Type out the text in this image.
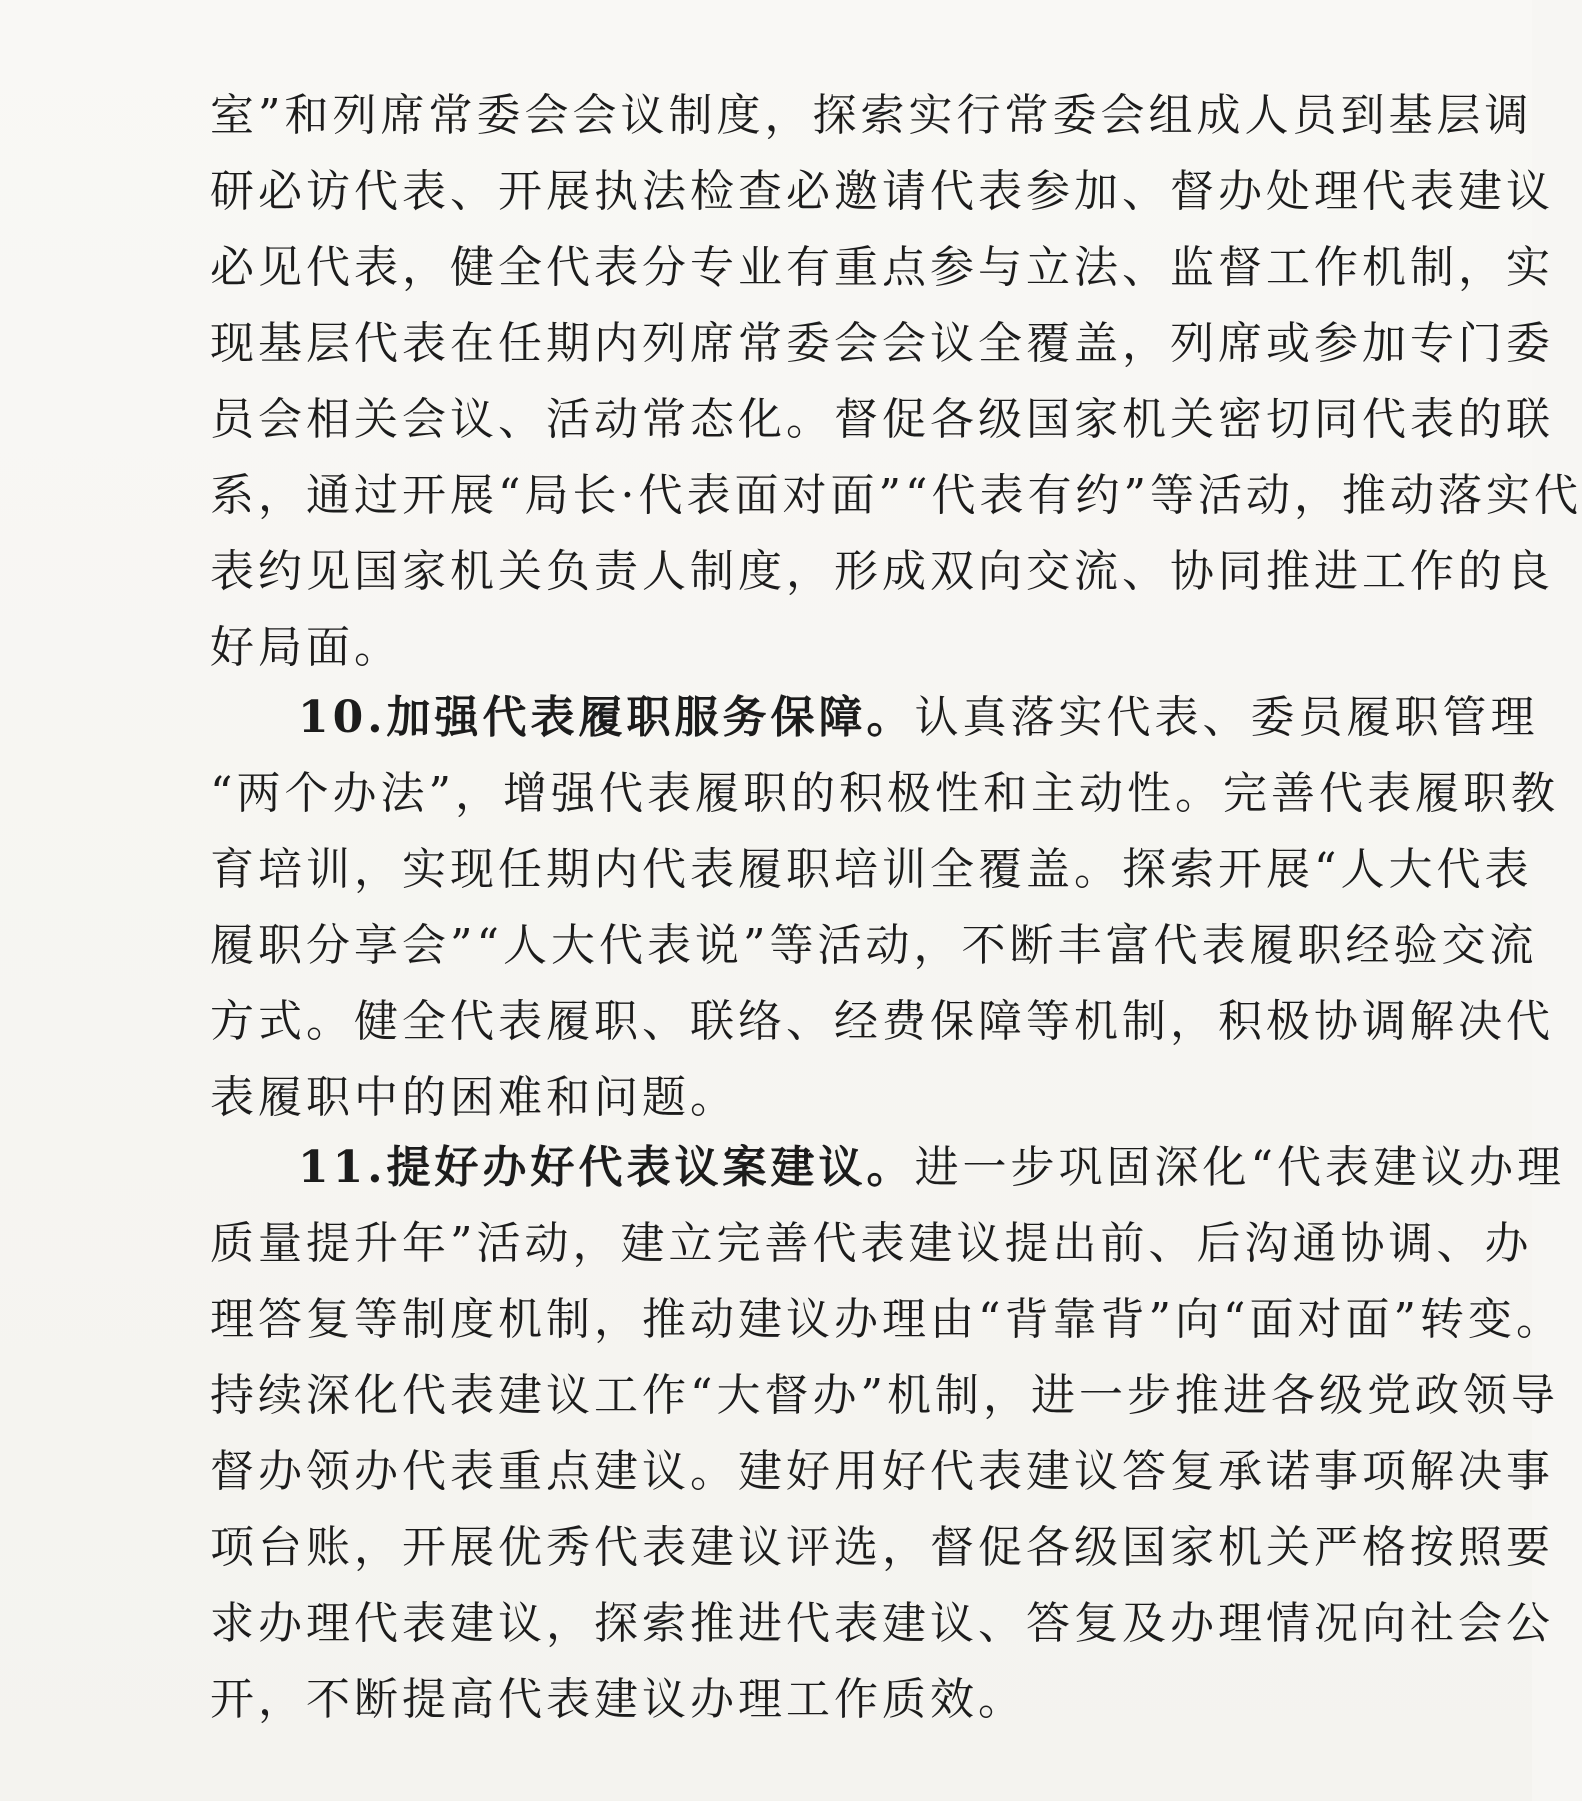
室”和列席常委会会议制度，探索实行常委会组成人员到基层调
研必访代表、开展执法检查必邀请代表参加、督办处理代表建议
必见代表，健全代表分专业有重点参与立法、监督工作机制，实
现基层代表在任期内列席常委会会议全覆盖，列席或参加专门委
员会相关会议、活动常态化。督促各级国家机关密切同代表的联
系，通过开展“局长·代表面对面”“代表有约”等活动，推动落实代
表约见国家机关负责人制度，形成双向交流、协同推进工作的良
好局面。
10.加强代表履职服务保障。认真落实代表、委员履职管理
“两个办法”，增强代表履职的积极性和主动性。完善代表履职教
育培训，实现任期内代表履职培训全覆盖。探索开展“人大代表
履职分享会”“人大代表说”等活动，不断丰富代表履职经验交流
方式。健全代表履职、联络、经费保障等机制，积极协调解决代
表履职中的困难和问题。
11.提好办好代表议案建议。进一步巩固深化“代表建议办理
质量提升年”活动，建立完善代表建议提出前、后沟通协调、办
理答复等制度机制，推动建议办理由“背靠背”向“面对面”转变。
持续深化代表建议工作“大督办”机制，进一步推进各级党政领导
督办领办代表重点建议。建好用好代表建议答复承诺事项解决事
项台账，开展优秀代表建议评选，督促各级国家机关严格按照要
求办理代表建议，探索推进代表建议、答复及办理情况向社会公
开，不断提高代表建议办理工作质效。
